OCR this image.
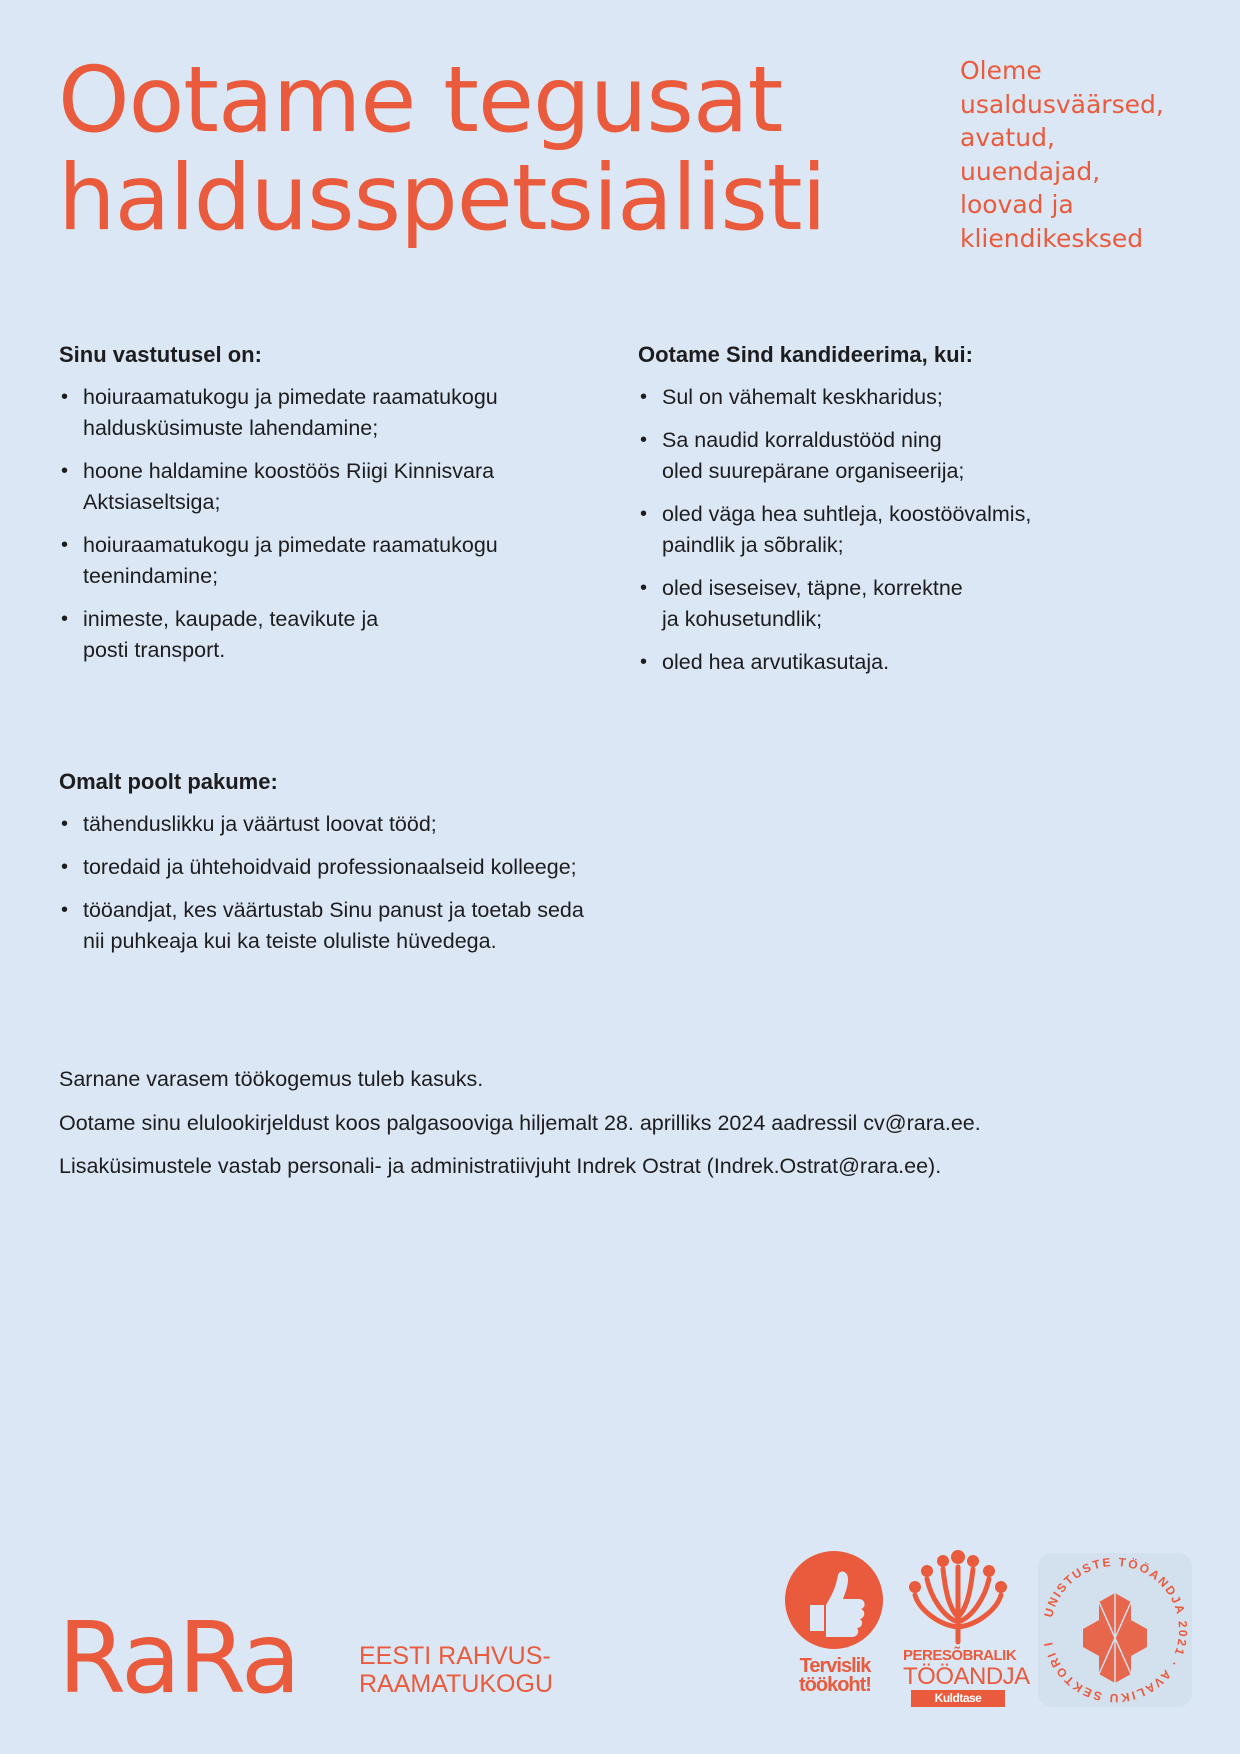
Ootame tegusat
haldusspetsialisti
Oleme
usaldusväärsed,
avatud,
uuendajad,
loovad ja
kliendikesksed
Sinu vastutusel on:
• hoiuraamatukogu ja pimedate raamatukogu
haldusküsimuste lahendamine;
• hoone haldamine koostöös Riigi Kinnisvara
Aktsiaseltsiga;
• hoiuraamatukogu ja pimedate raamatukogu
teenindamine;
• inimeste, kaupade, teavikute ja
posti transport.
Ootame Sind kandideerima, kui:
• Sul on vähemalt keskharidus;
• Sa naudid korraldustööd ning
oled suurepärane organiseerija;
• oled väga hea suhtleja, koostöövalmis,
paindlik ja sõbralik;
• oled iseseisev, täpne, korrektne
ja kohusetundlik;
• oled hea arvutikasutaja.
Omalt poolt pakume:
• tähenduslikku ja väärtust loovat tööd;
• toredaid ja ühtehoidvaid professionaalseid kolleege;
• tööandjat, kes väärtustab Sinu panust ja toetab seda
nii puhkeaja kui ka teiste oluliste hüvedega.

Sarnane varasem töökogemus tuleb kasuks.

Ootame sinu elulookirjeldust koos palgasooviga hiljemalt 28. aprilliks 2024 aadressil cv@rara.ee.

Lisaküsimustele vastab personali- ja administratiivjuht Indrek Ostrat (Indrek.Ostrat@rara.ee).

RaRa EESTI RAHVUS-
RAAMATUKOGU
Tervislik
töökoht!
PERESÕBRALIK
TÖÖANDJA
Kuldtase
UNISTUSTE TÖÖANDJA 2021 · AVALIKU SEKTORI I
